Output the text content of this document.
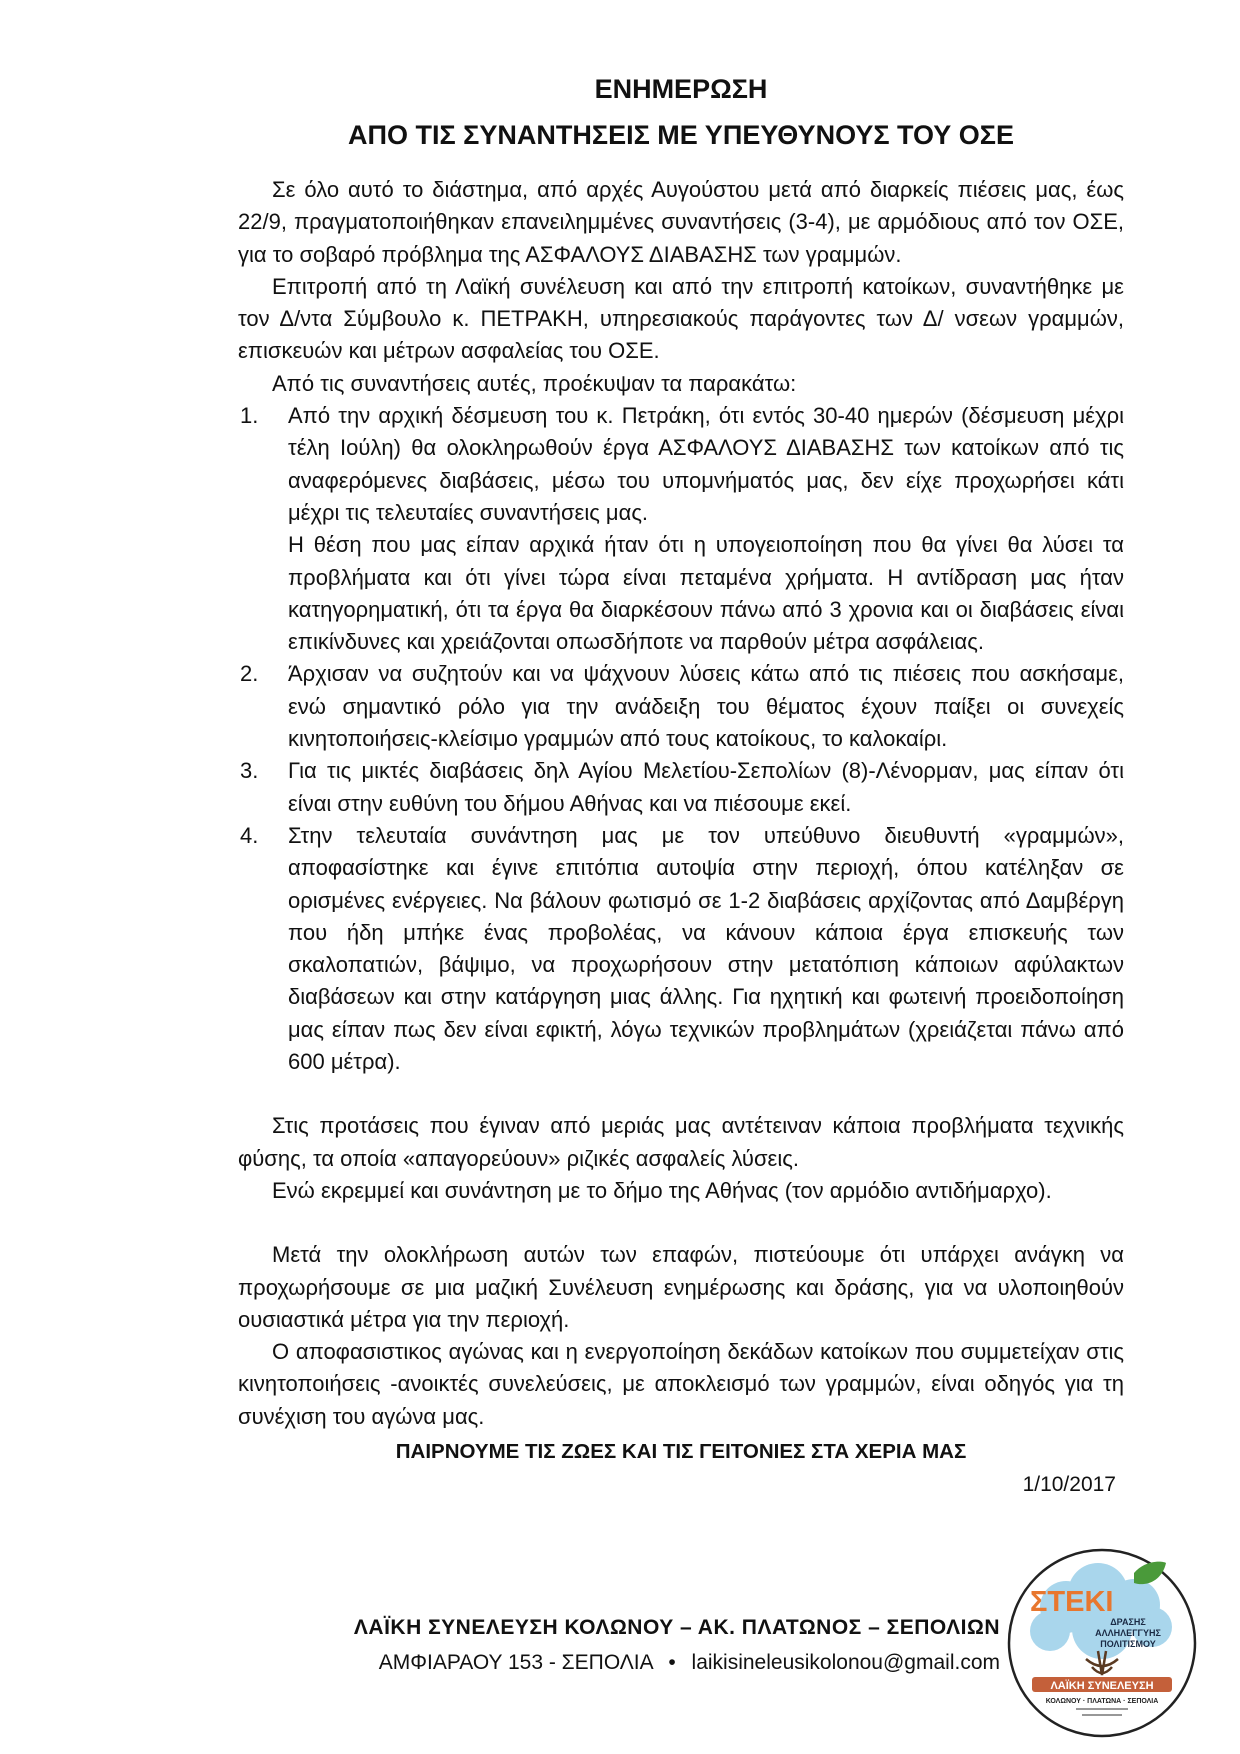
ΕΝΗΜΕΡΩΣΗ
ΑΠΟ ΤΙΣ ΣΥΝΑΝΤΗΣΕΙΣ ΜΕ ΥΠΕΥΘΥΝΟΥΣ ΤΟΥ ΟΣΕ

Σε όλο αυτό το διάστημα, από αρχές Αυγούστου μετά από διαρκείς πιέσεις μας, έως 22/9, πραγματοποιήθηκαν επανειλημμένες συναντήσεις (3-4), με αρμόδιους από τον ΟΣΕ, για το σοβαρό πρόβλημα της ΑΣΦΑΛΟΥΣ ΔΙΑΒΑΣΗΣ των γραμμών.

Επιτροπή από τη Λαϊκή συνέλευση και από την επιτροπή κατοίκων, συναντήθηκε με τον Δ/ντα Σύμβουλο κ. ΠΕΤΡΑΚΗ, υπηρεσιακούς παράγοντες των Δ/ νσεων γραμμών, επισκευών και μέτρων ασφαλείας του ΟΣΕ.

Από τις συναντήσεις αυτές, προέκυψαν τα παρακάτω:

1. Από την αρχική δέσμευση του κ. Πετράκη, ότι εντός 30-40 ημερών (δέσμευση μέχρι τέλη Ιούλη) θα ολοκληρωθούν έργα ΑΣΦΑΛΟΥΣ ΔΙΑΒΑΣΗΣ των κατοίκων από τις αναφερόμενες διαβάσεις, μέσω του υπομνήματός μας, δεν είχε προχωρήσει κάτι μέχρι τις τελευταίες συναντήσεις μας.

Η θέση που μας είπαν αρχικά ήταν ότι η υπογειοποίηση που θα γίνει θα λύσει τα προβλήματα και ότι γίνει τώρα είναι πεταμένα χρήματα. Η αντίδραση μας ήταν κατηγορηματική, ότι τα έργα θα διαρκέσουν πάνω από 3 χρονια και οι διαβάσεις είναι επικίνδυνες και χρειάζονται οπωσδήποτε να παρθούν μέτρα ασφάλειας.

2. Άρχισαν να συζητούν και να ψάχνουν λύσεις κάτω από τις πιέσεις που ασκήσαμε, ενώ σημαντικό ρόλο για την ανάδειξη του θέματος έχουν παίξει οι συνεχείς κινητοποιήσεις-κλείσιμο γραμμών από τους κατοίκους, το καλοκαίρι.

3. Για τις μικτές διαβάσεις δηλ Αγίου Μελετίου-Σεπολίων (8)-Λένορμαν, μας είπαν ότι είναι στην ευθύνη του δήμου Αθήνας και να πιέσουμε εκεί.

4. Στην τελευταία συνάντηση μας με τον υπεύθυνο διευθυντή «γραμμών», αποφασίστηκε και έγινε επιτόπια αυτοψία στην περιοχή, όπου κατέληξαν σε ορισμένες ενέργειες. Να βάλουν φωτισμό σε 1-2 διαβάσεις αρχίζοντας από Δαμβέργη που ήδη μπήκε ένας προβολέας, να κάνουν κάποια έργα επισκευής των σκαλοπατιών, βάψιμο, να προχωρήσουν στην μετατόπιση κάποιων αφύλακτων διαβάσεων και στην κατάργηση μιας άλλης. Για ηχητική και φωτεινή προειδοποίηση μας είπαν πως δεν είναι εφικτή, λόγω τεχνικών προβλημάτων (χρειάζεται πάνω από 600 μέτρα).

Στις προτάσεις που έγιναν από μεριάς μας αντέτειναν κάποια προβλήματα τεχνικής φύσης, τα οποία «απαγορεύουν» ριζικές ασφαλείς λύσεις.

Ενώ εκρεμμεί και συνάντηση με το δήμο της Αθήνας (τον αρμόδιο αντιδήμαρχο).

Μετά την ολοκλήρωση αυτών των επαφών, πιστεύουμε ότι υπάρχει ανάγκη να προχωρήσουμε σε μια μαζική Συνέλευση ενημέρωσης και δράσης, για να υλοποιηθούν ουσιαστικά μέτρα για την περιοχή.

Ο αποφασιστικος αγώνας και η ενεργοποίηση δεκάδων κατοίκων που συμμετείχαν στις κινητοποιήσεις -ανοικτές συνελεύσεις, με αποκλεισμό των γραμμών, είναι οδηγός για τη συνέχιση του αγώνα μας.

ΠΑΙΡΝΟΥΜΕ ΤΙΣ ΖΩΕΣ ΚΑΙ ΤΙΣ ΓΕΙΤΟΝΙΕΣ ΣΤΑ ΧΕΡΙΑ ΜΑΣ
1/10/2017
ΛΑΪΚΗ ΣΥΝΕΛΕΥΣΗ ΚΟΛΩΝΟΥ – ΑΚ. ΠΛΑΤΩΝΟΣ – ΣΕΠΟΛΙΩΝ
ΑΜΦΙΑΡΑΟΥ 153 - ΣΕΠΟΛΙΑ • laikisineleusikolonou@gmail.com
ΣΤΕΚΙ
ΔΡΑΣΗΣ
ΑΛΛΗΛΕΓΓΥΗΣ
ΠΟΛΙΤΙΣΜΟΥ
ΛΑΪΚΗ ΣΥΝΕΛΕΥΣΗ
ΚΟΛΩΝΟΥ · ΠΛΑΤΩΝΑ · ΣΕΠΟΛΙΑ
